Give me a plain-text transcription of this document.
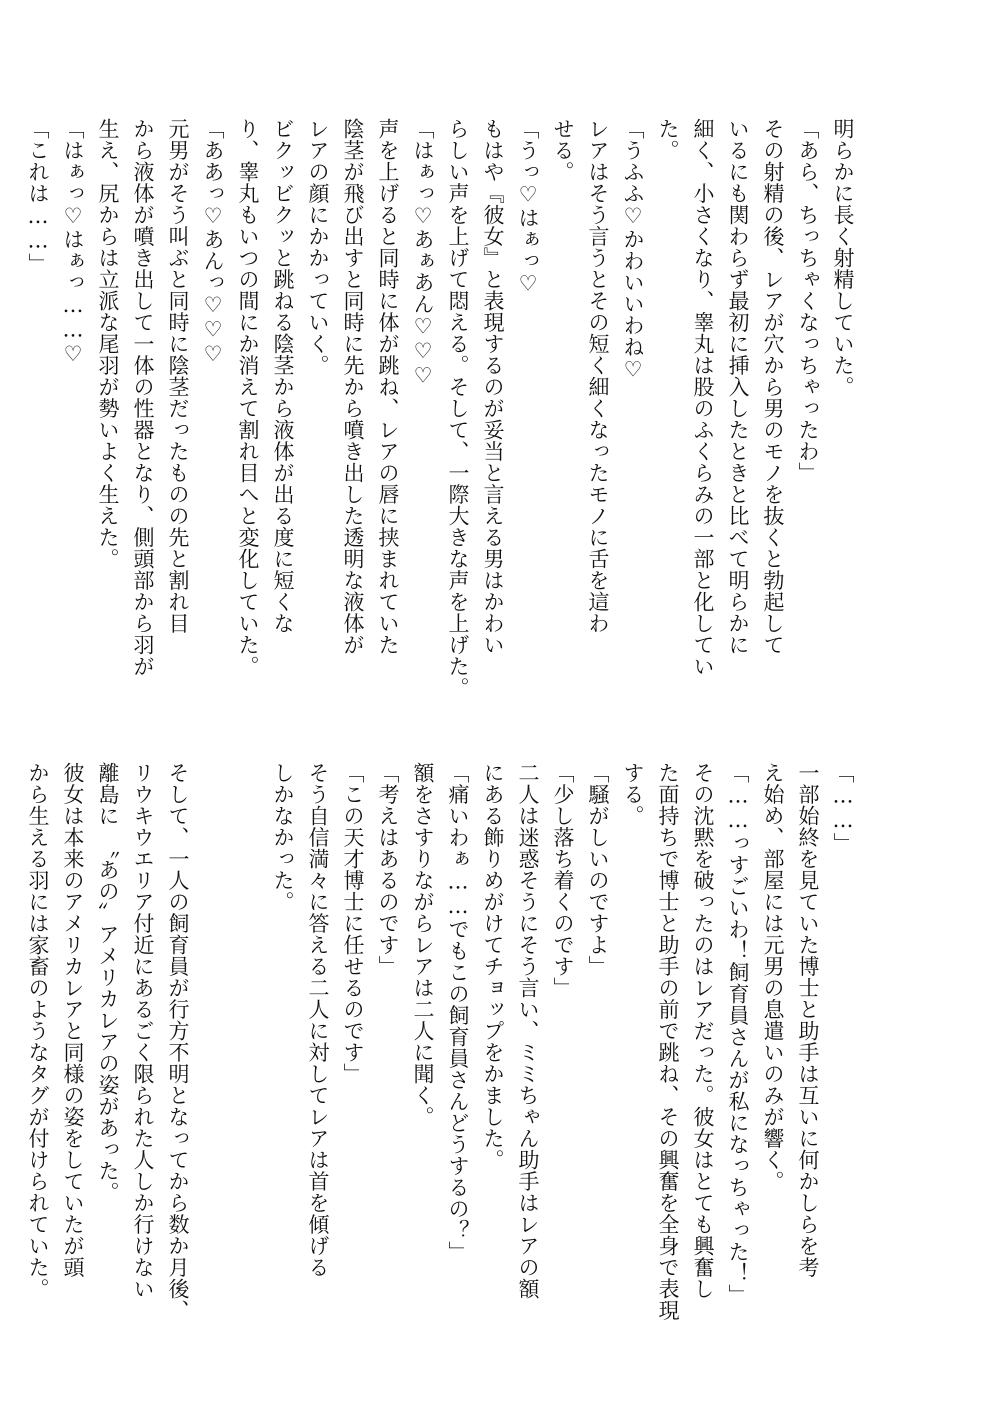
明らかに長く射精していた。
「あら、ちっちゃくなっちゃったわ」
その射精の後、レアが穴から男のモノを抜くと勃起して
いるにも関わらず最初に挿入したときと比べて明らかに
細く、小さくなり、睾丸は股のふくらみの一部と化してい
た。
「うふふ♡かわいいわね♡
レアはそう言うとその短く細くなったモノに舌を這わ
せる。
「うっ♡はぁっ♡
もはや『彼女』と表現するのが妥当と言える男はかわい
らしい声を上げて悶える。そして、一際大きな声を上げた。
「はぁっ♡あぁあん♡♡♡
声を上げると同時に体が跳ね、レアの唇に挟まれていた
陰茎が飛び出すと同時に先から噴き出した透明な液体が
レアの顔にかかっていく。
ビクッビクッと跳ねる陰茎から液体が出る度に短くな
り、睾丸もいつの間にか消えて割れ目へと変化していた。
「ああっ♡あんっ♡♡♡
元男がそう叫ぶと同時に陰茎だったものの先と割れ目
から液体が噴き出して一体の性器となり、側頭部から羽が
生え、尻からは立派な尾羽が勢いよく生えた。
「はぁっ♡はぁっ……♡
「これは……」
「……」
一部始終を見ていた博士と助手は互いに何かしらを考
え始め、部屋には元男の息遣いのみが響く。
「……っすごいわ！飼育員さんが私になっちゃった！」
その沈黙を破ったのはレアだった。彼女はとても興奮し
た面持ちで博士と助手の前で跳ね、その興奮を全身で表現
する。
「騒がしいのですよ」
「少し落ち着くのです」
二人は迷惑そうにそう言い、ミミちゃん助手はレアの額
にある飾りめがけてチョップをかました。
「痛いわぁ……でもこの飼育員さんどうするの？」
額をさすりながらレアは二人に聞く。
「考えはあるのです」
「この天才博士に任せるのです」
そう自信満々に答える二人に対してレアは首を傾げる
しかなかった。

そして、一人の飼育員が行方不明となってから数か月後、
リウキウエリア付近にあるごく限られた人しか行けない
離島に　〝あの〟アメリカレアの姿があった。
彼女は本来のアメリカレアと同様の姿をしていたが頭
から生える羽には家畜のようなタグが付けられていた。
